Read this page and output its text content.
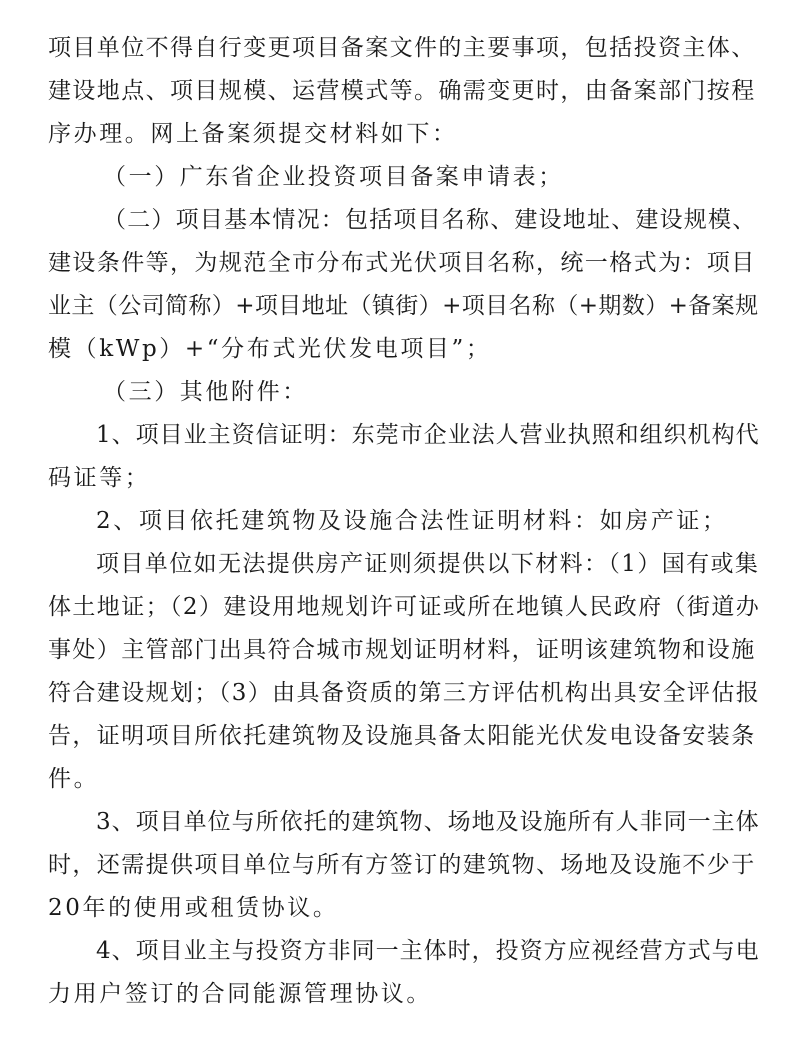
项目单位不得自行变更项目备案文件的主要事项，包括投资主体、
建设地点、项目规模、运营模式等。确需变更时，由备案部门按程
序办理。网上备案须提交材料如下：
（一）广东省企业投资项目备案申请表；
（二）项目基本情况：包括项目名称、建设地址、建设规模、
建设条件等，为规范全市分布式光伏项目名称，统一格式为：项目
业主（公司简称）+项目地址（镇街）+项目名称（+期数）+备案规
模（kWp）+“分布式光伏发电项目”；
（三）其他附件：
1、项目业主资信证明：东莞市企业法人营业执照和组织机构代
码证等；
2、项目依托建筑物及设施合法性证明材料：如房产证；
项目单位如无法提供房产证则须提供以下材料：（1）国有或集
体土地证；（2）建设用地规划许可证或所在地镇人民政府（街道办
事处）主管部门出具符合城市规划证明材料，证明该建筑物和设施
符合建设规划；（3）由具备资质的第三方评估机构出具安全评估报
告，证明项目所依托建筑物及设施具备太阳能光伏发电设备安装条
件。
3、项目单位与所依托的建筑物、场地及设施所有人非同一主体
时，还需提供项目单位与所有方签订的建筑物、场地及设施不少于
20年的使用或租赁协议。
4、项目业主与投资方非同一主体时，投资方应视经营方式与电
力用户签订的合同能源管理协议。
